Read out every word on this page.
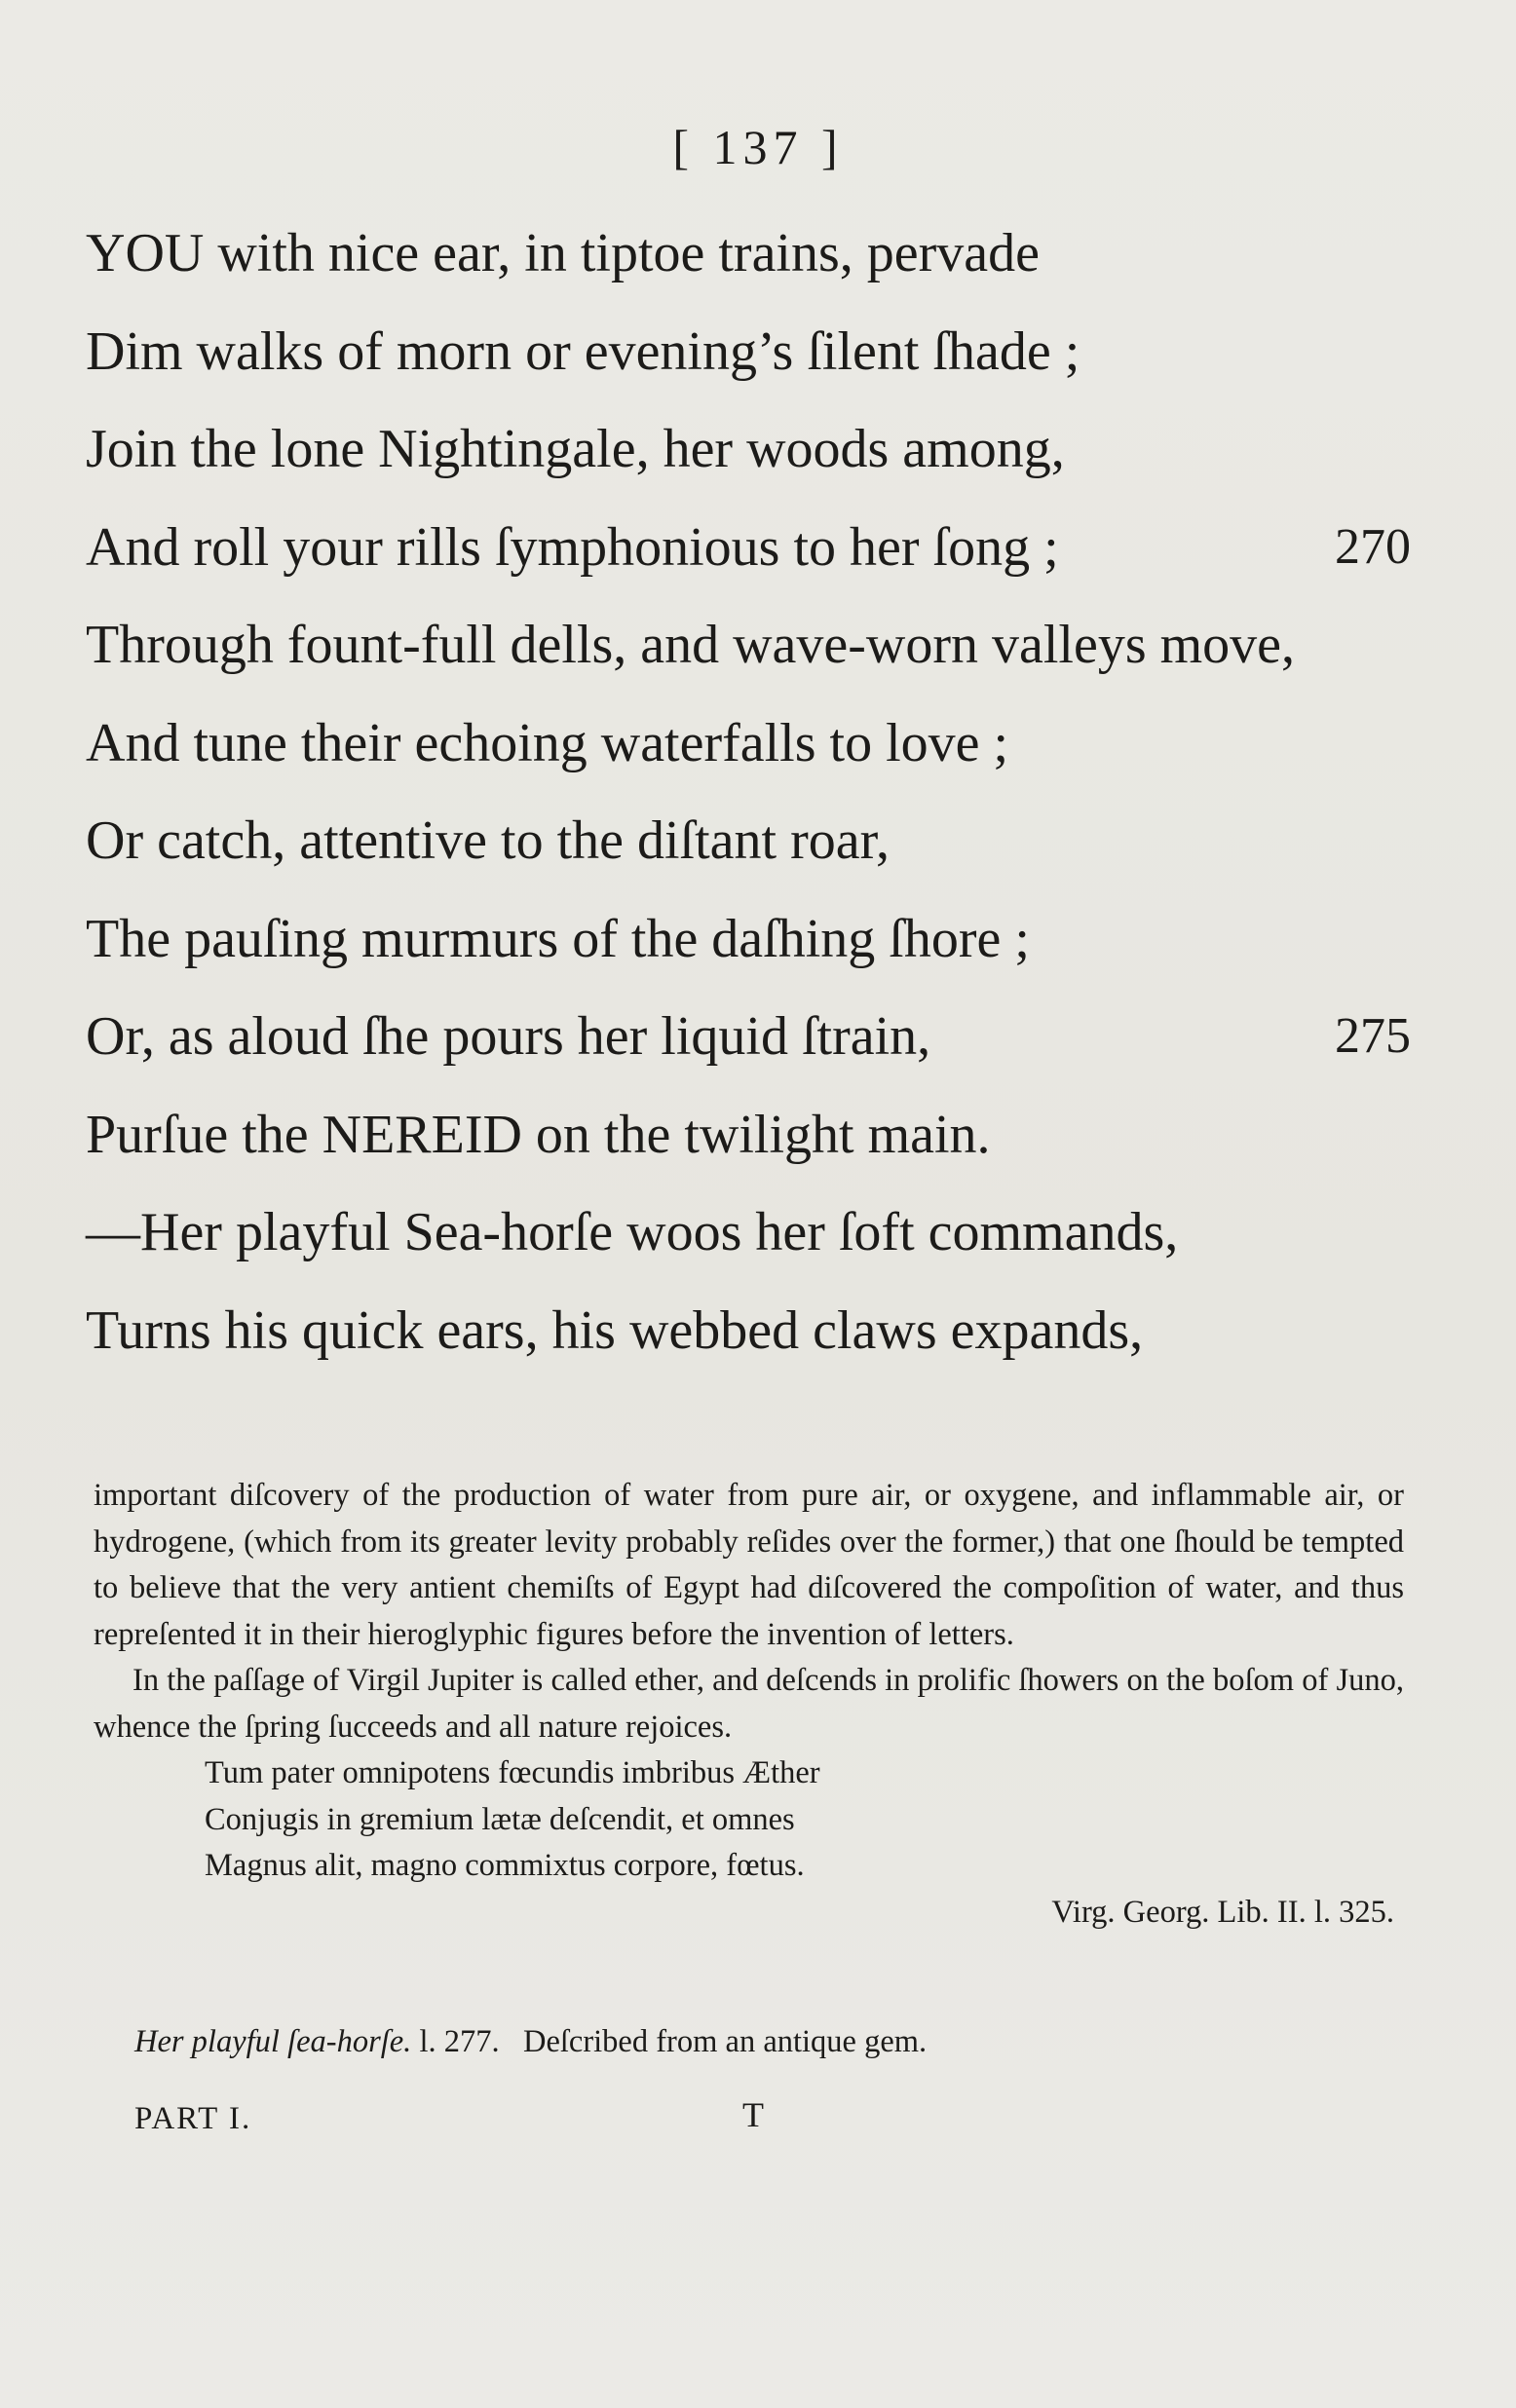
[ 137 ]
YOU with nice ear, in tiptoe trains, pervade
Dim walks of morn or evening’s ſilent ſhade ;
Join the lone Nightingale, her woods among,
And roll your rills ſymphonious to her ſong ;	270
Through fount-full dells, and wave-worn valleys move,
And tune their echoing waterfalls to love ;
Or catch, attentive to the diſtant roar,
The pauſing murmurs of the daſhing ſhore ;
Or, as aloud ſhe pours her liquid ſtrain,	275
Purſue the NEREID on the twilight main.
—Her playful Sea-horſe woos her ſoft commands,
Turns his quick ears, his webbed claws expands,

important diſcovery of the production of water from pure air, or oxygene, and inflammable air, or hydrogene, (which from its greater levity probably reſides over the former,) that one ſhould be tempted to believe that the very antient chemiſts of Egypt had diſcovered the compoſition of water, and thus repreſented it in their hieroglyphic figures before the invention of letters.

In the paſſage of Virgil Jupiter is called ether, and deſcends in prolific ſhowers on the boſom of Juno, whence the ſpring ſucceeds and all nature rejoices.

Tum pater omnipotens fœcundis imbribus Æther
Conjugis in gremium lætæ deſcendit, et omnes
Magnus alit, magno commixtus corpore, fœtus.
Virg. Georg. Lib. II. l. 325.
Her playful ſea-horſe. l. 277.   Deſcribed from an antique gem.
PART I.	T
